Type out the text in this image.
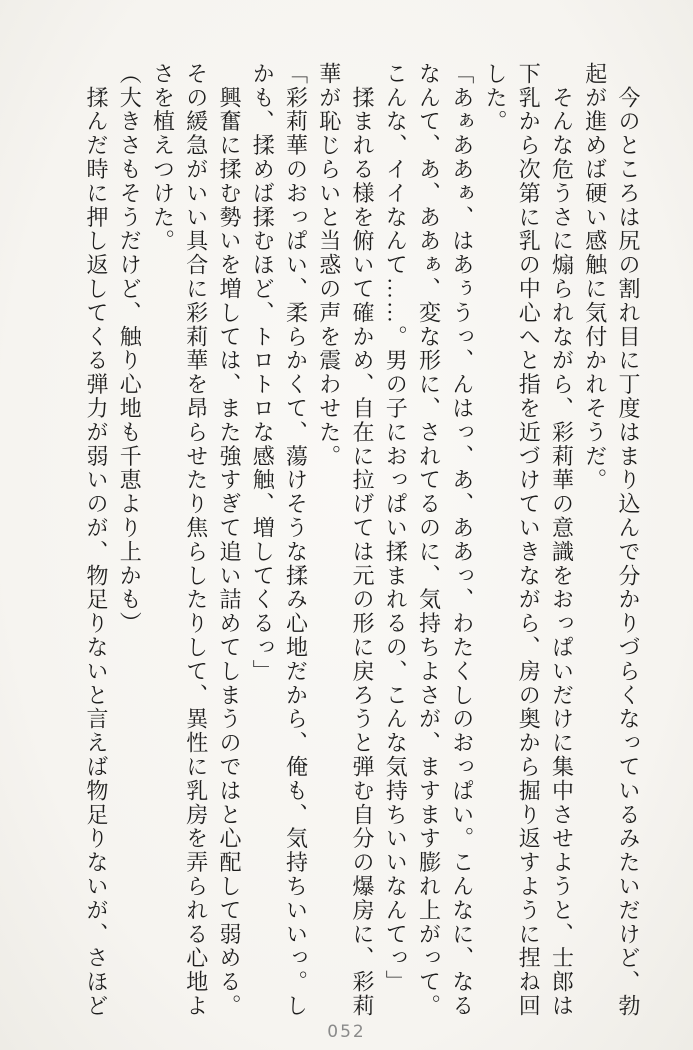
　今のところは尻の割れ目に丁度はまり込んで分かりづらくなっているみたいだけど、勃

起が進めば硬い感触に気付かれそうだ。

　そんな危うさに煽られながら、彩莉華の意識をおっぱいだけに集中させようと、士郎は

下乳から次第に乳の中心へと指を近づけていきながら、房の奥から掘り返すように捏ね回

した。

「あぁああぁ、はあぅうっ、んはっ、あ、ああっ、わたくしのおっぱい。こんなに、なる

なんて、あ、ああぁ、変な形に、されてるのに、気持ちよさが、ますます膨れ上がって。

こんな、イイなんて……。男の子におっぱい揉まれるの、こんな気持ちいいなんてっ」

　揉まれる様を俯いて確かめ、自在に拉げては元の形に戻ろうと弾む自分の爆房に、彩莉

華が恥じらいと当惑の声を震わせた。

「彩莉華のおっぱい、柔らかくて、蕩けそうな揉み心地だから、俺も、気持ちいいっ。し

かも、揉めば揉むほど、トロトロな感触、増してくるっ」

　興奮に揉む勢いを増しては、また強すぎて追い詰めてしまうのではと心配して弱める。

その緩急がいい具合に彩莉華を昂らせたり焦らしたりして、異性に乳房を弄られる心地よ

さを植えつけた。

（大きさもそうだけど、触り心地も千恵より上かも）

　揉んだ時に押し返してくる弾力が弱いのが、物足りないと言えば物足りないが、さほど

052
